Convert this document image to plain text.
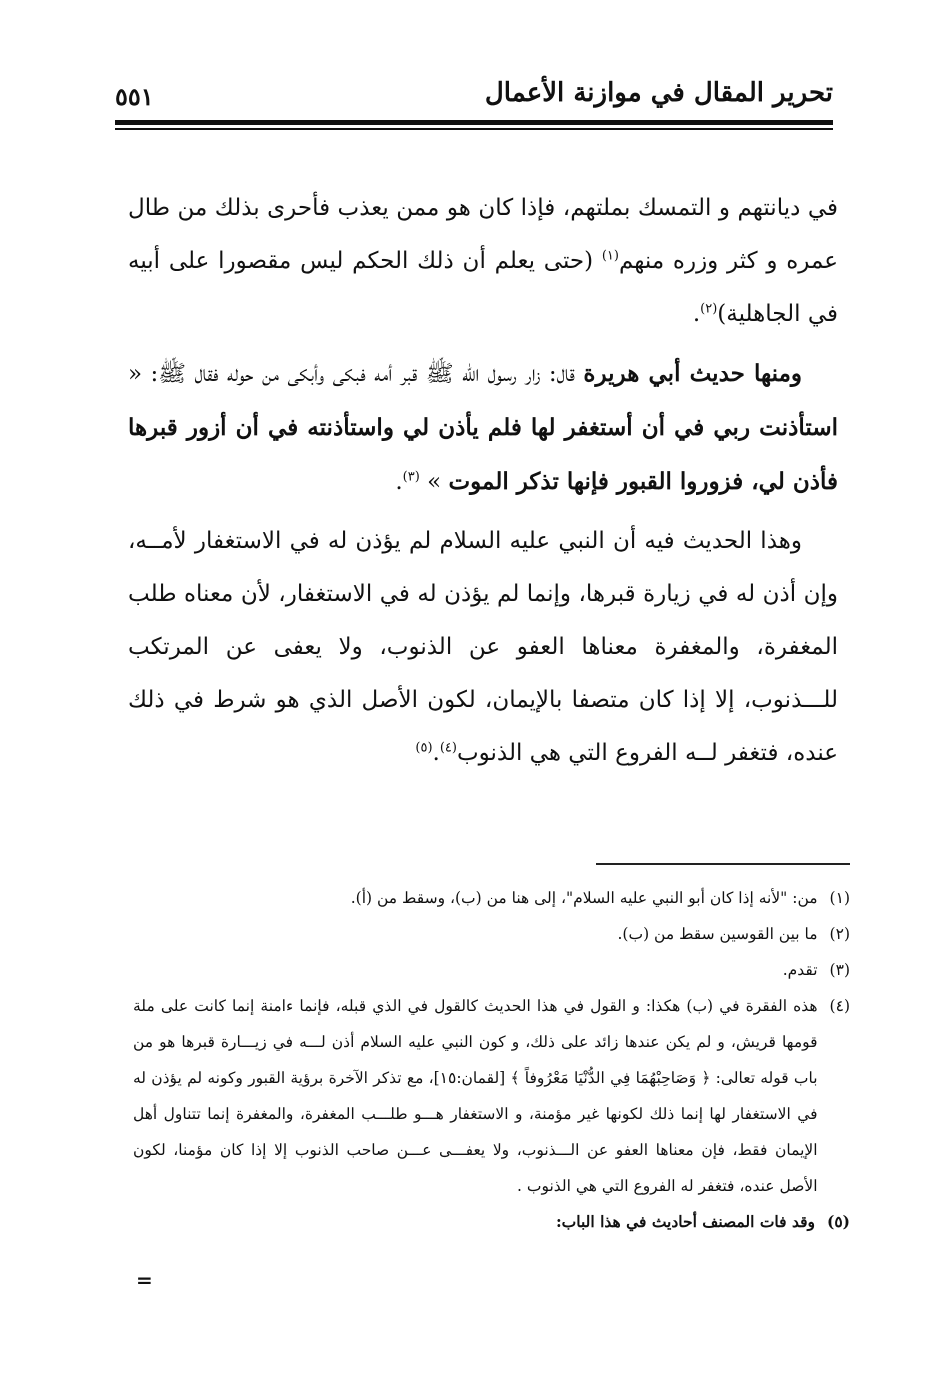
تحرير المقال في موازنة الأعمال
٥٥١

في ديانتهم و التمسك بملتهم، فإذا كان هو ممن يعذب فأحرى بذلك من طال عمره و كثر وزره منهم$^{(١)}$ (حتى يعلم أن ذلك الحكم ليس مقصورا على أبيه في الجاهلية)$^{(٢)}$.

ومنها حديث أبي هريرة قال: زار رسول الله ﷺ قبر أمه فبكى وأبكى من حوله فقال ﷺ: « استأذنت ربي في أن أستغفر لها فلم يأذن لي واستأذنته في أن أزور قبرها فأذن لي، فزوروا القبور فإنها تذكر الموت » $^{(٣)}$.

وهذا الحديث فيه أن النبي عليه السلام لم يؤذن له في الاستغفار لأمــه، وإن أذن له في زيارة قبرها، وإنما لم يؤذن له في الاستغفار، لأن معناه طلب المغفرة، والمغفرة معناها العفو عن الذنوب، ولا يعفى عن المرتكب للـــذنوب، إلا إذا كان متصفا بالإيمان، لكون الأصل الذي هو شرط في ذلك عنده، فتغفر لــه الفروع التي هي الذنوب$^{(٤)}$.$^{(٥)}$

(١)
من: "لأنه إذا كان أبو النبي عليه السلام"، إلى هنا من (ب)، وسقط من (أ).
(٢)
ما بين القوسين سقط من (ب).
(٣)
تقدم.
(٤)
هذه الفقرة في (ب) هكذا: و القول في هذا الحديث كالقول في الذي قبله، فإنما ءامنة إنما كانت على ملة قومها قريش، و لم يكن عندها زائد على ذلك، و كون النبي عليه السلام أذن لـــه في زيـــارة قبرها هو من باب قوله تعالى: ﴿ وَصَاحِبْهُمَا فِي الدُّنْيَا مَعْرُوفاً ﴾ [لقمان:١٥]، مع تذكر الآخرة برؤية القبور وكونه لم يؤذن له في الاستغفار لها إنما ذلك لكونها غير مؤمنة، و الاستغفار هـــو طلـــب المغفرة، والمغفرة إنما تتناول أهل الإيمان فقط، فإن معناها العفو عن الـــذنوب، ولا يعفـــى عـــن صاحب الذنوب إلا إذا كان مؤمنا، لكون الأصل عنده، فتغفر له الفروع التي هي الذنوب .
(٥)
وقد فات المصنف أحاديث في هذا الباب:
=
